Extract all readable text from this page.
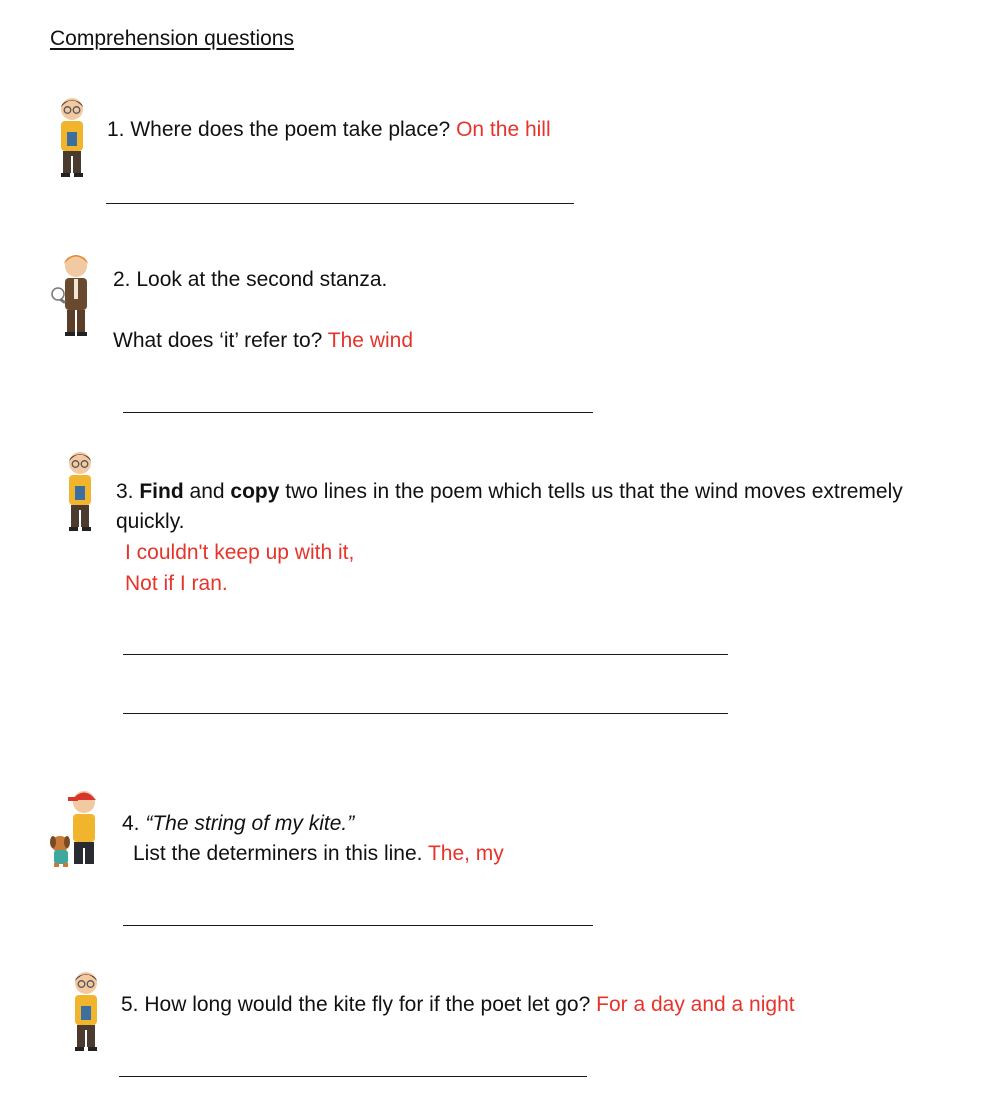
Comprehension questions
1. Where does the poem take place? On the hill
2. Look at the second stanza.
What does ‘it’ refer to? The wind
3. Find and copy two lines in the poem which tells us that the wind moves extremely
quickly.
I couldn't keep up with it,
Not if I ran.
4. “The string of my kite.”
List the determiners in this line. The, my
5. How long would the kite fly for if the poet let go? For a day and a night
